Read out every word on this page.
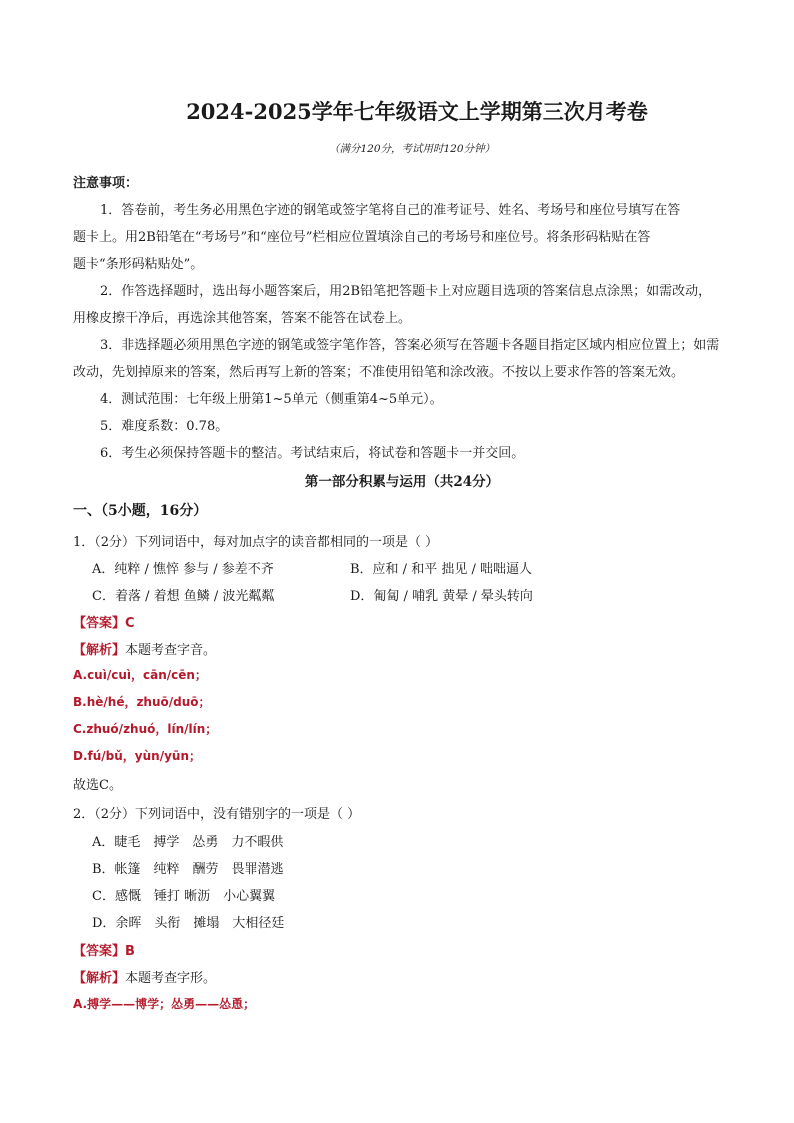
2024-2025学年七年级语文上学期第三次月考卷
（满分120分，考试用时120分钟）
注意事项：
1．答卷前，考生务必用黑色字迹的钢笔或签字笔将自己的准考证号、姓名、考场号和座位号填写在答
题卡上。用2B铅笔在“考场号”和“座位号”栏相应位置填涂自己的考场号和座位号。将条形码粘贴在答
题卡“条形码粘贴处”。
2．作答选择题时，选出每小题答案后，用2B铅笔把答题卡上对应题目选项的答案信息点涂黑；如需改动，
用橡皮擦干净后，再选涂其他答案，答案不能答在试卷上。
3．非选择题必须用黑色字迹的钢笔或签字笔作答，答案必须写在答题卡各题目指定区域内相应位置上；如需
改动，先划掉原来的答案，然后再写上新的答案；不准使用铅笔和涂改液。不按以上要求作答的答案无效。
4．测试范围：七年级上册第1~5单元（侧重第4~5单元）。
5．难度系数：0.78。
6．考生必须保持答题卡的整洁。考试结束后，将试卷和答题卡一并交回。
第一部分积累与运用（共24分）
一、（5小题，16分）
1．（2分）下列词语中，每对加点字的读音都相同的一项是（ ）
A．纯粹 / 憔悴 参与 / 参差不齐	B．应和 / 和平 拙见 / 咄咄逼人
C．着落 / 着想 鱼鳞 / 波光粼粼	D．匍匐 / 哺乳 黄晕 / 晕头转向
【答案】C
【解析】本题考查字音。
A.cuì/cuì，cān/cēn；
B.hè/hé，zhuō/duō；
C.zhuó/zhuó，lín/lín；
D.fú/bǔ，yùn/yūn；
故选C。
2．（2分）下列词语中，没有错别字的一项是（ ）
A．睫毛　搏学　怂勇　力不暇供
B．帐篷　纯粹　酬劳　畏罪潜逃
C．感慨　锤打 晰沥　小心翼翼
D．余晖　头衔　摊塌　大相径廷
【答案】B
【解析】本题考查字形。
A.搏学——博学；怂勇——怂恿；
